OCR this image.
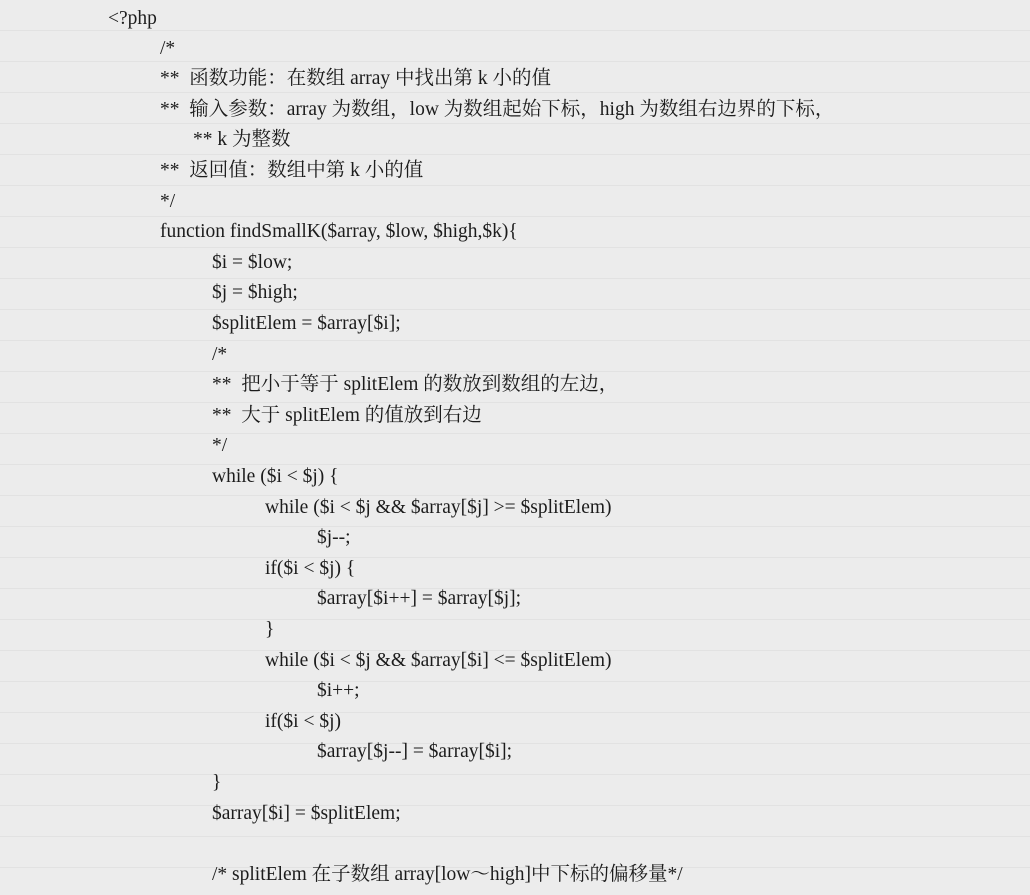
<?php
/*
**  函数功能：在数组 array 中找出第 k 小的值
**  输入参数：array 为数组，low 为数组起始下标，high 为数组右边界的下标，
** k 为整数
**  返回值：数组中第 k 小的值
*/
function findSmallK($array, $low, $high,$k){
$i = $low;
$j = $high;
$splitElem = $array[$i];
/*
**  把小于等于 splitElem 的数放到数组的左边，
**  大于 splitElem 的值放到右边
*/
while ($i < $j) {
while ($i < $j && $array[$j] >= $splitElem)
$j--;
if($i < $j) {
$array[$i++] = $array[$j];
}
while ($i < $j && $array[$i] <= $splitElem)
$i++;
if($i < $j)
$array[$j--] = $array[$i];
}
$array[$i] = $splitElem;
/* splitElem 在子数组 array[low～high]中下标的偏移量*/
